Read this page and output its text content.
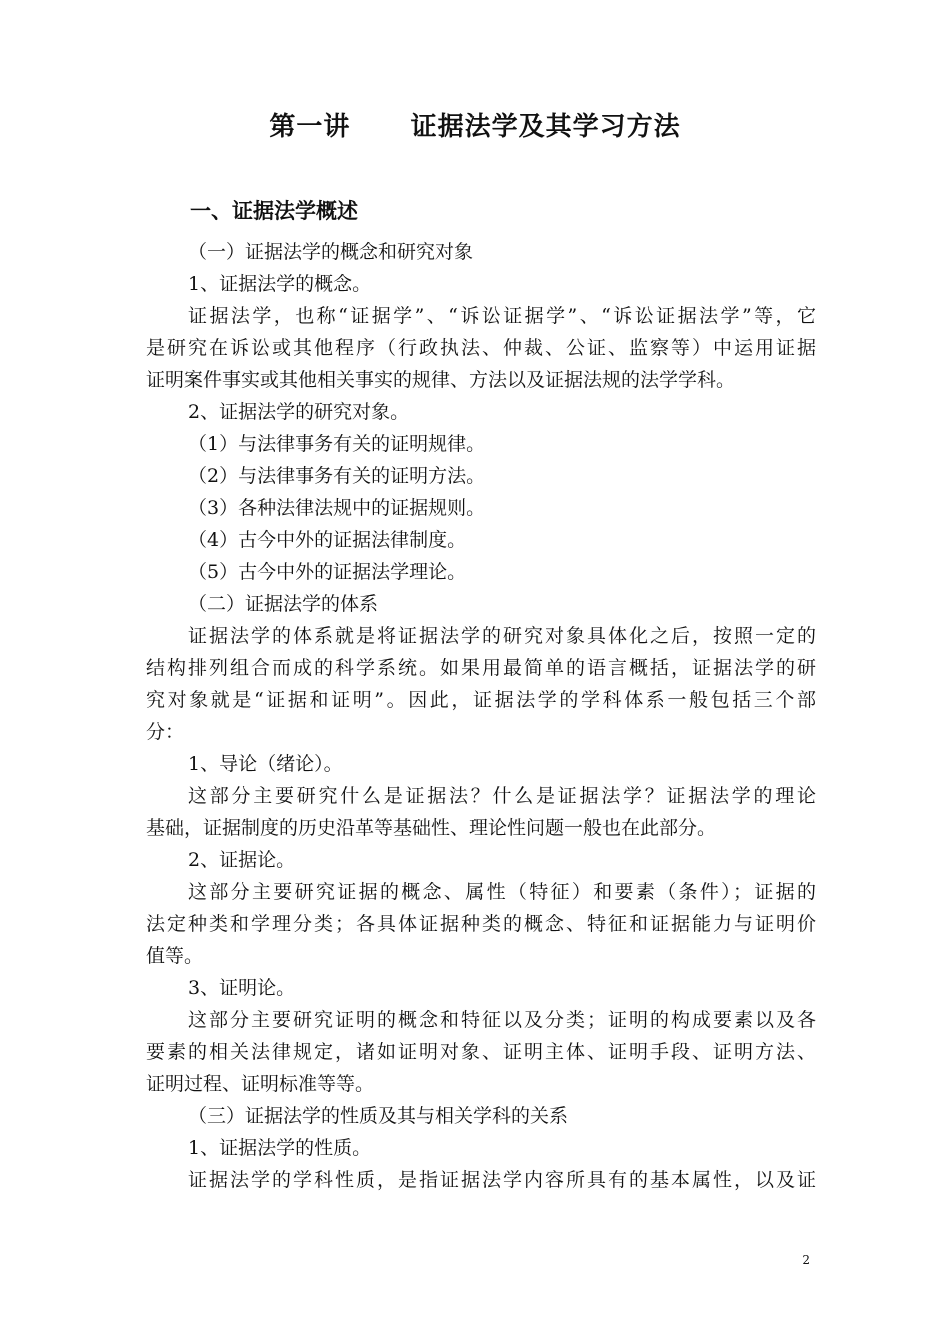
第一讲      证据法学及其学习方法
一、证据法学概述
（一）证据法学的概念和研究对象
1、证据法学的概念。
证据法学，也称“证据学”、“诉讼证据学”、“诉讼证据法学”等，它
是研究在诉讼或其他程序（行政执法、仲裁、公证、监察等）中运用证据
证明案件事实或其他相关事实的规律、方法以及证据法规的法学学科。
2、证据法学的研究对象。
（1）与法律事务有关的证明规律。
（2）与法律事务有关的证明方法。
（3）各种法律法规中的证据规则。
（4）古今中外的证据法律制度。
（5）古今中外的证据法学理论。
（二）证据法学的体系
证据法学的体系就是将证据法学的研究对象具体化之后，按照一定的
结构排列组合而成的科学系统。如果用最简单的语言概括，证据法学的研
究对象就是“证据和证明”。因此，证据法学的学科体系一般包括三个部
分：
1、导论（绪论）。
这部分主要研究什么是证据法？什么是证据法学？证据法学的理论
基础，证据制度的历史沿革等基础性、理论性问题一般也在此部分。
2、证据论。
这部分主要研究证据的概念、属性（特征）和要素（条件）；证据的
法定种类和学理分类；各具体证据种类的概念、特征和证据能力与证明价
值等。
3、证明论。
这部分主要研究证明的概念和特征以及分类；证明的构成要素以及各
要素的相关法律规定，诸如证明对象、证明主体、证明手段、证明方法、
证明过程、证明标准等等。
（三）证据法学的性质及其与相关学科的关系
1、证据法学的性质。
证据法学的学科性质，是指证据法学内容所具有的基本属性，以及证
2
